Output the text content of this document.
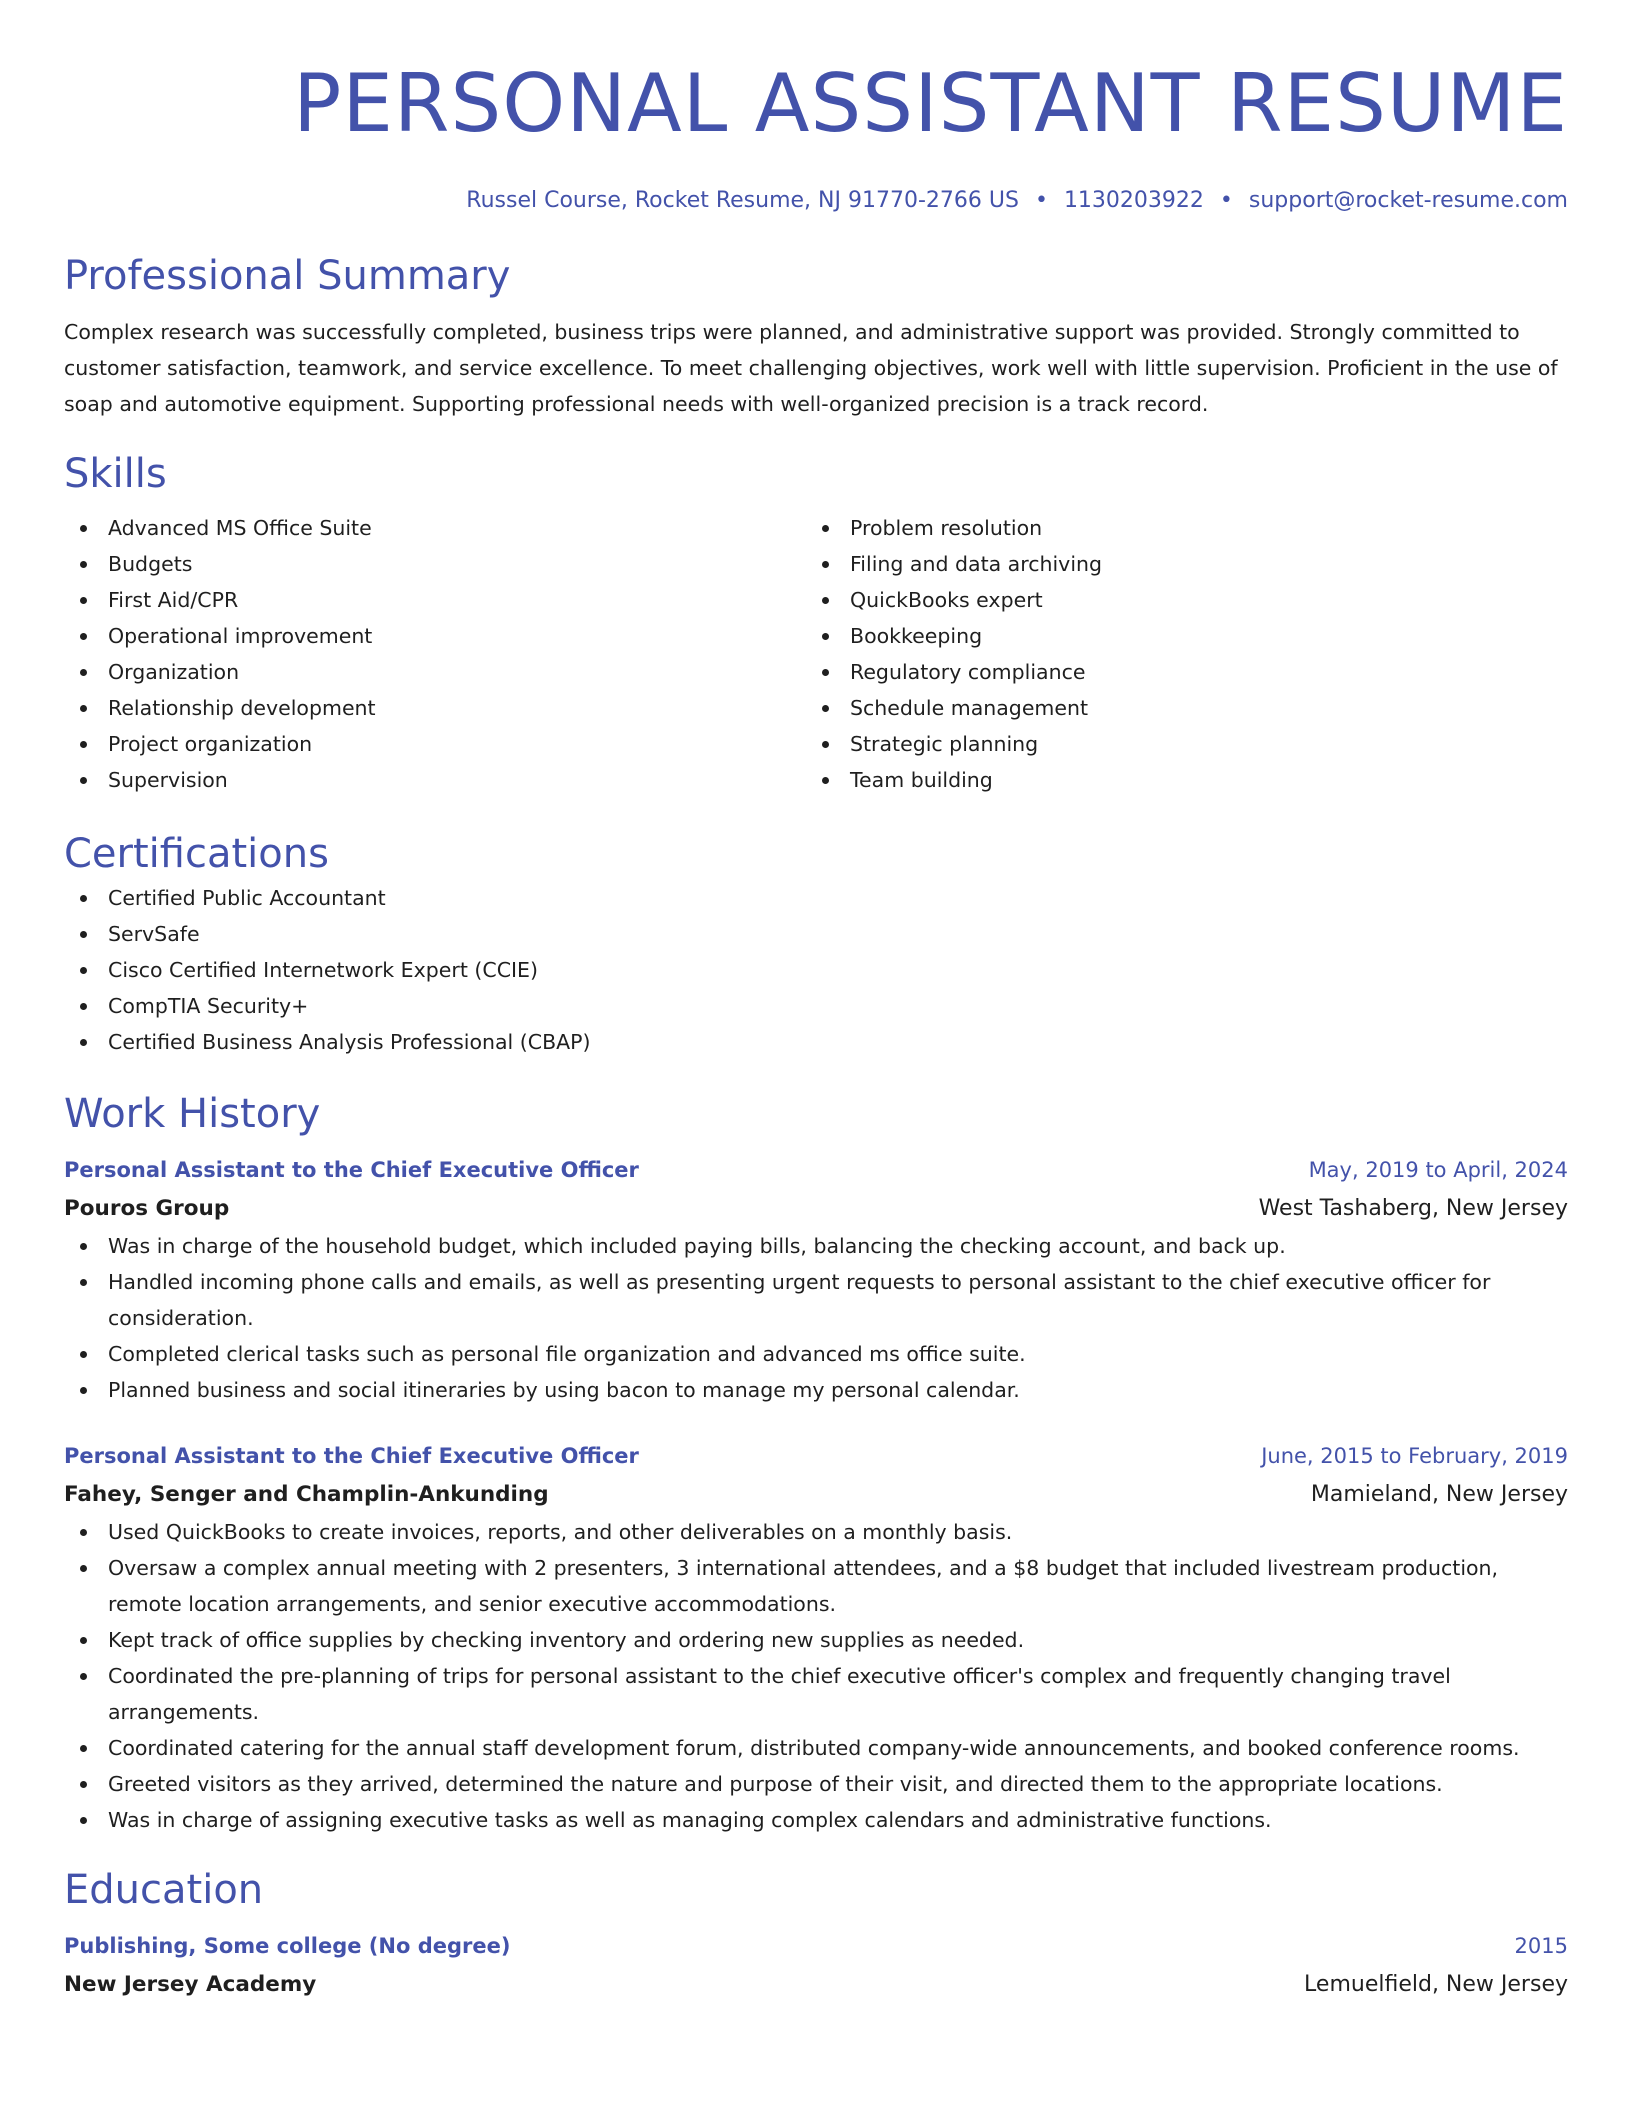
PERSONAL ASSISTANT RESUME
Russel Course, Rocket Resume, NJ 91770-2766 US • 1130203922 • support@rocket-resume.com
Professional Summary

Complex research was successfully completed, business trips were planned, and administrative support was provided. Strongly committed to customer satisfaction, teamwork, and service excellence. To meet challenging objectives, work well with little supervision. Proficient in the use of soap and automotive equipment. Supporting professional needs with well-organized precision is a track record.

Skills
Advanced MS Office Suite
Budgets
First Aid/CPR
Operational improvement
Organization
Relationship development
Project organization
Supervision
Problem resolution
Filing and data archiving
QuickBooks expert
Bookkeeping
Regulatory compliance
Schedule management
Strategic planning
Team building
Certifications
Certified Public Accountant
ServSafe
Cisco Certified Internetwork Expert (CCIE)
CompTIA Security+
Certified Business Analysis Professional (CBAP)
Work History
Personal Assistant to the Chief Executive Officer	May, 2019 to April, 2024
Pouros Group	West Tashaberg, New Jersey
Was in charge of the household budget, which included paying bills, balancing the checking account, and back up.
Handled incoming phone calls and emails, as well as presenting urgent requests to personal assistant to the chief executive officer for consideration.
Completed clerical tasks such as personal file organization and advanced ms office suite.
Planned business and social itineraries by using bacon to manage my personal calendar.
Personal Assistant to the Chief Executive Officer	June, 2015 to February, 2019
Fahey, Senger and Champlin-Ankunding	Mamieland, New Jersey
Used QuickBooks to create invoices, reports, and other deliverables on a monthly basis.
Oversaw a complex annual meeting with 2 presenters, 3 international attendees, and a $8 budget that included livestream production, remote location arrangements, and senior executive accommodations.
Kept track of office supplies by checking inventory and ordering new supplies as needed.
Coordinated the pre-planning of trips for personal assistant to the chief executive officer's complex and frequently changing travel arrangements.
Coordinated catering for the annual staff development forum, distributed company-wide announcements, and booked conference rooms.
Greeted visitors as they arrived, determined the nature and purpose of their visit, and directed them to the appropriate locations.
Was in charge of assigning executive tasks as well as managing complex calendars and administrative functions.
Education
Publishing, Some college (No degree)	2015
New Jersey Academy	Lemuelfield, New Jersey
